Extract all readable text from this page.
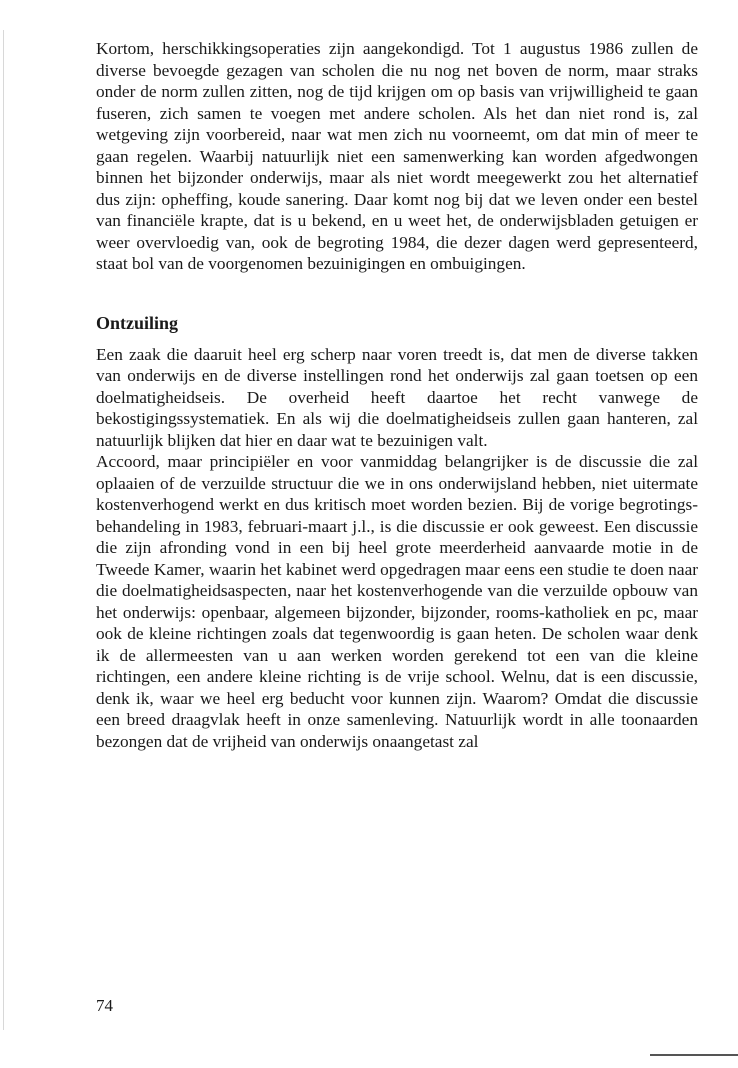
Kortom, herschikkingsoperaties zijn aangekondigd. Tot 1 augustus 1986 zullen de diverse bevoegde gezagen van scholen die nu nog net boven de norm, maar straks onder de norm zullen zitten, nog de tijd krijgen om op basis van vrijwilligheid te gaan fuseren, zich samen te voegen met andere scholen. Als het dan niet rond is, zal wetgeving zijn voorbereid, naar wat men zich nu voorneemt, om dat min of meer te gaan regelen. Waarbij natuurlijk niet een samenwerking kan worden afgedwongen binnen het bijzonder onderwijs, maar als niet wordt meegewerkt zou het alternatief dus zijn: opheffing, koude sanering. Daar komt nog bij dat we leven onder een bestel van financiële krapte, dat is u bekend, en u weet het, de onderwijsbladen getuigen er weer overvloedig van, ook de begroting 1984, die dezer dagen werd gepresenteerd, staat bol van de voorgenomen bezuinigingen en ombuigingen.

Ontzuiling

Een zaak die daaruit heel erg scherp naar voren treedt is, dat men de diverse takken van onderwijs en de diverse instellingen rond het onderwijs zal gaan toetsen op een doelmatigheidseis. De overheid heeft daartoe het recht vanwege de bekostigingssystematiek. En als wij die doelmatigheidseis zullen gaan hanteren, zal natuurlijk blijken dat hier en daar wat te bezuinigen valt.

Accoord, maar principiëler en voor vanmiddag belangrijker is de discussie die zal oplaaien of de verzuilde structuur die we in ons onderwijsland hebben, niet uitermate kostenverhogend werkt en dus kritisch moet worden bezien. Bij de vorige begrotingsbehandeling in 1983, februari-maart j.l., is die discussie er ook geweest. Een discussie die zijn afronding vond in een bij heel grote meerderheid aanvaarde motie in de Tweede Kamer, waarin het kabinet werd opgedragen maar eens een studie te doen naar die doelmatigheidsaspecten, naar het kostenverhogende van die verzuilde opbouw van het onderwijs: openbaar, algemeen bijzonder, bijzonder, rooms-katholiek en pc, maar ook de kleine richtingen zoals dat tegenwoordig is gaan heten. De scholen waar denk ik de allermeesten van u aan werken worden gerekend tot een van die kleine richtingen, een andere kleine richting is de vrije school. Welnu, dat is een discussie, denk ik, waar we heel erg beducht voor kunnen zijn. Waarom? Omdat die discussie een breed draagvlak heeft in onze samenleving. Natuurlijk wordt in alle toonaarden bezongen dat de vrijheid van onderwijs onaangetast zal

74
